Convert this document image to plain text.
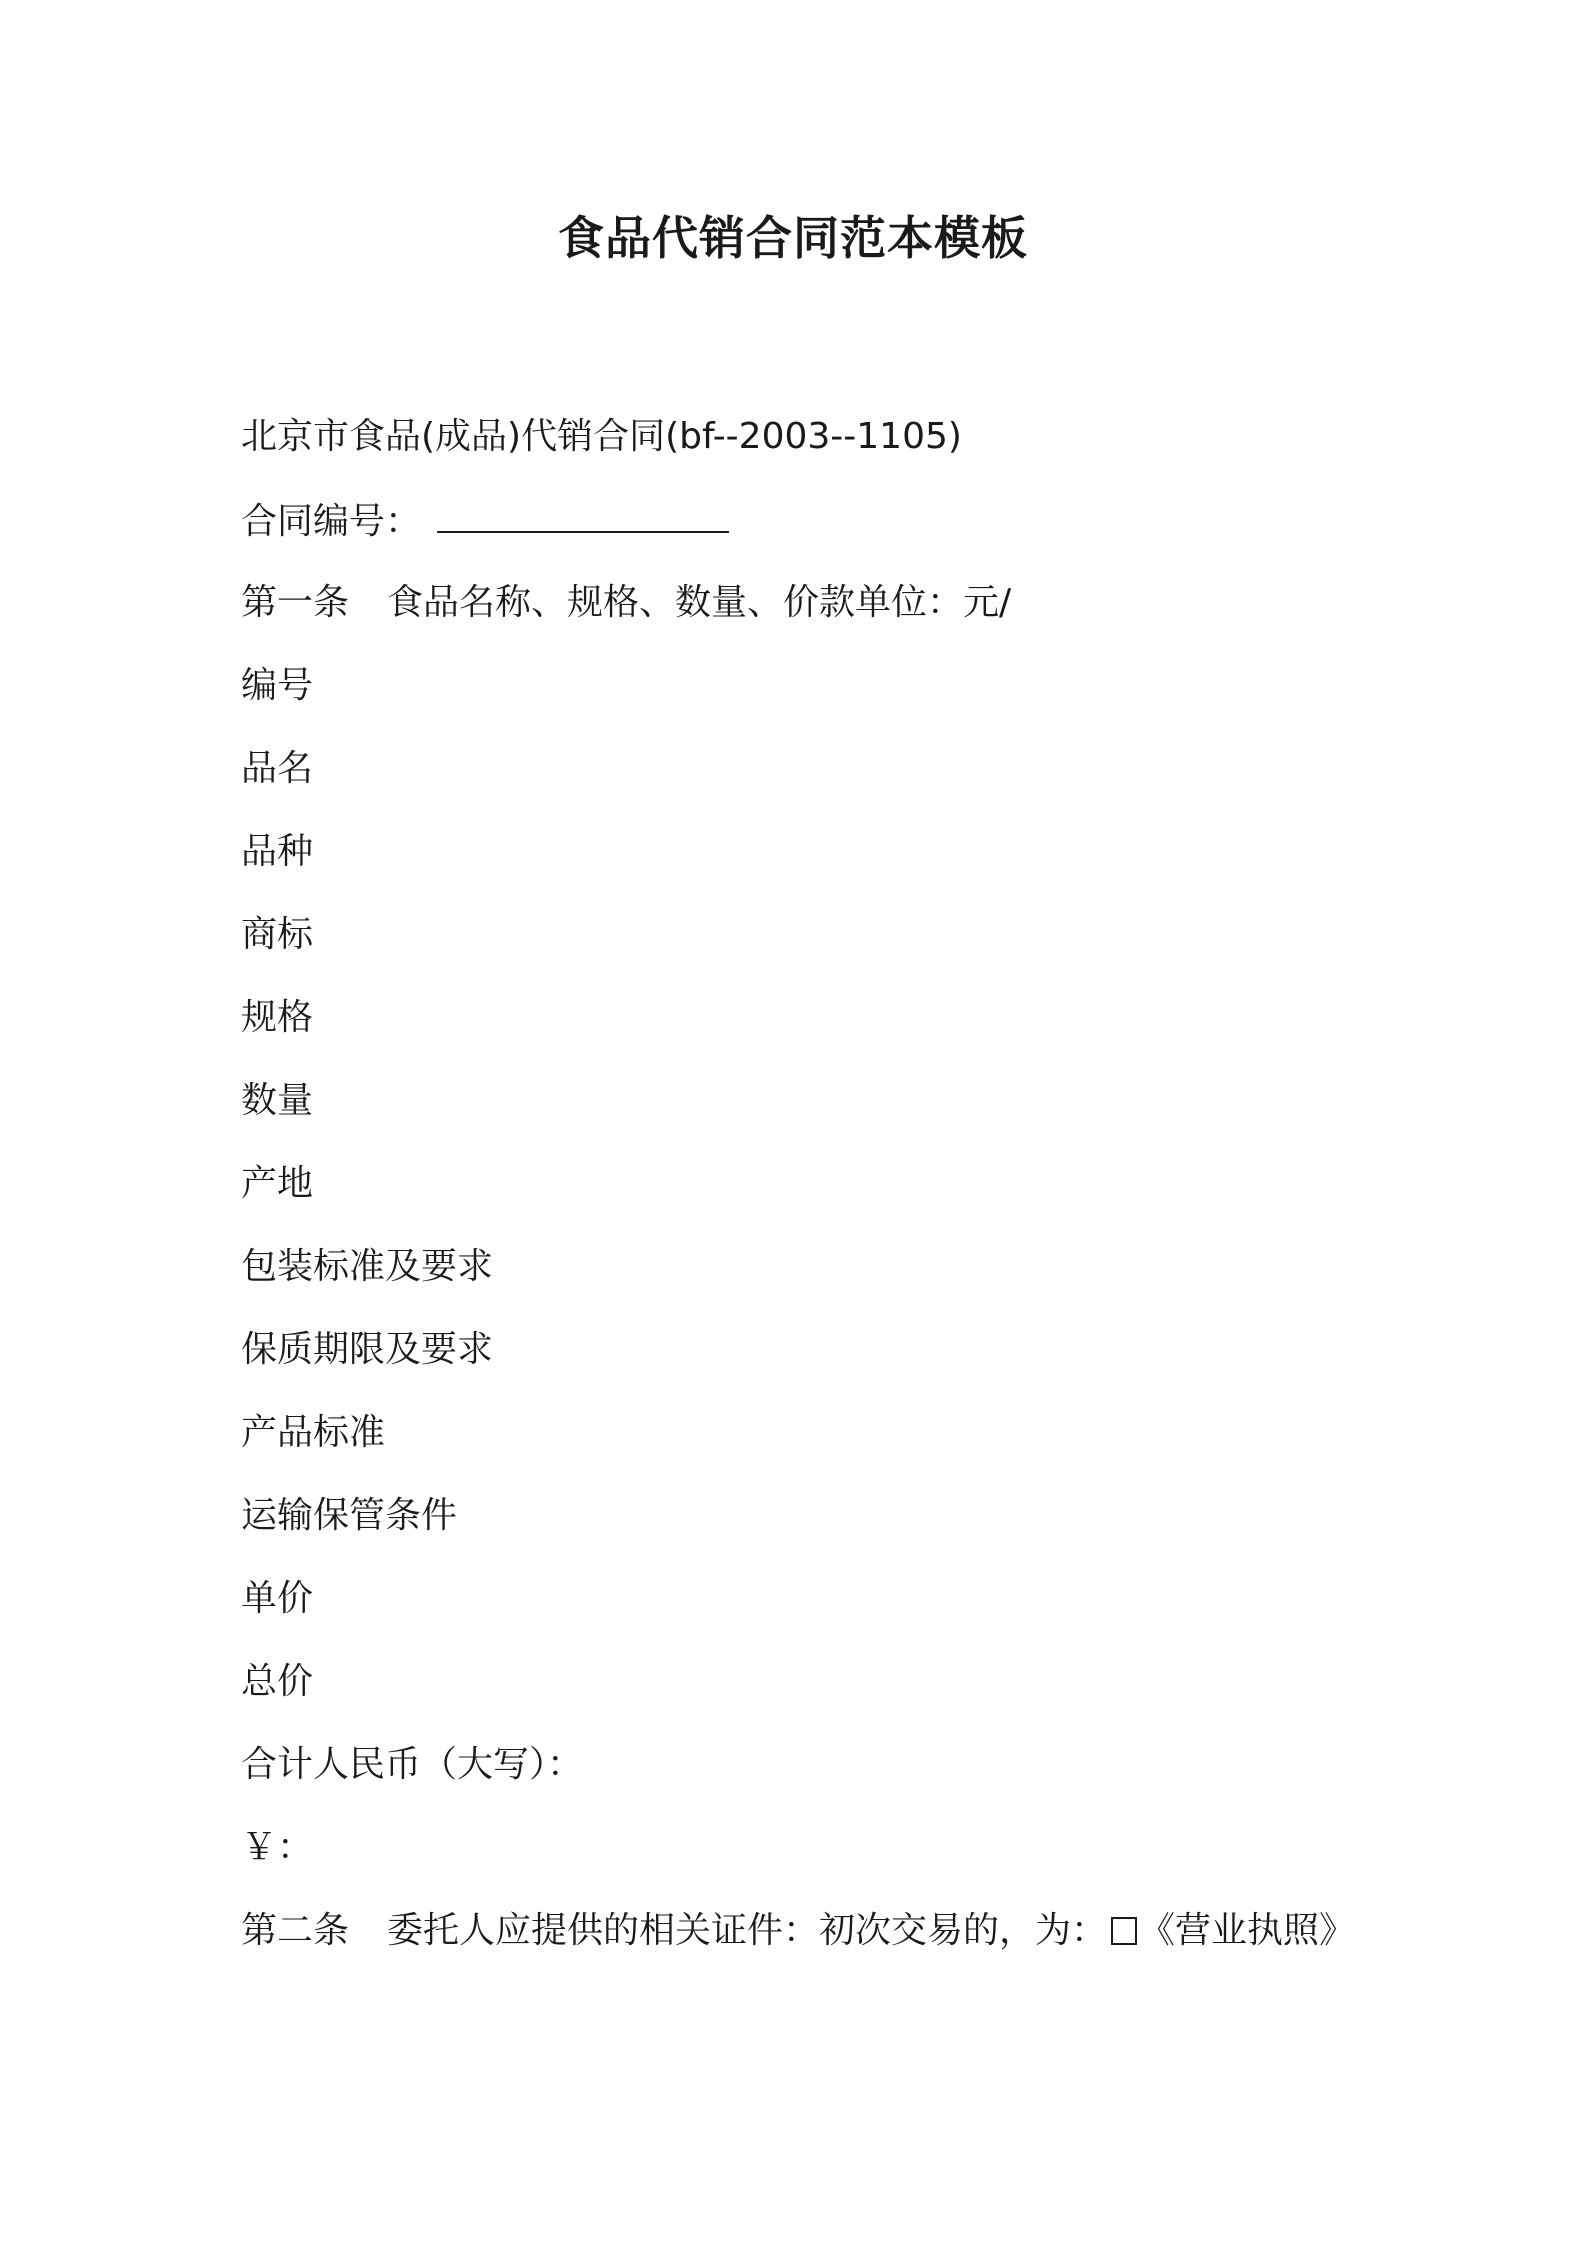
食品代销合同范本模板
北京市食品(成品)代销合同(bf--2003--1105)
合同编号：
第一条 食品名称、规格、数量、价款单位：元/
编号
品名
品种
商标
规格
数量
产地
包装标准及要求
保质期限及要求
产品标准
运输保管条件
单价
总价
合计人民币（大写）：
￥：
第二条 委托人应提供的相关证件：初次交易的，为： 《营业执照》
